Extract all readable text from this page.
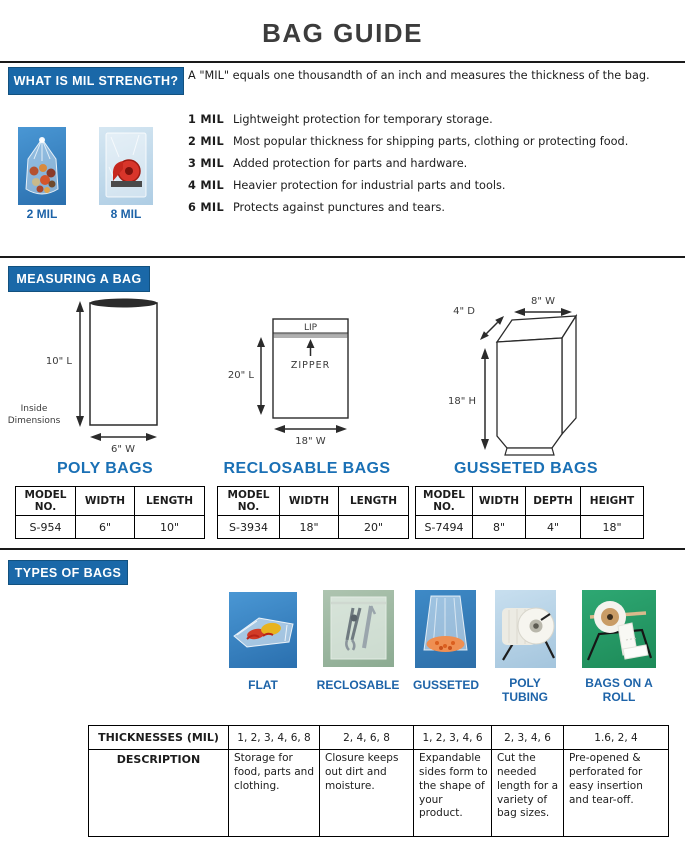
BAG GUIDE
WHAT IS MIL STRENGTH? A "MIL" equals one thousandth of an inch and measures the thickness of the bag.
1 MIL Lightweight protection for temporary storage.
2 MIL Most popular thickness for shipping parts, clothing or protecting food.
3 MIL Added protection for parts and hardware.
4 MIL Heavier protection for industrial parts and tools.
6 MIL Protects against punctures and tears.
2 MIL	8 MIL
MEASURING A BAG
10" L
6" W
Inside
Dimensions
LIP
ZIPPER
20" L
18" W
8" W
4" D
18" H
POLY BAGS	RECLOSABLE BAGS	GUSSETED BAGS
MODEL NO.	WIDTH	LENGTH
S-954	6"	10"
MODEL NO.	WIDTH	LENGTH
S-3934	18"	20"
MODEL NO.	WIDTH	DEPTH	HEIGHT
S-7494	8"	4"	18"
TYPES OF BAGS
FLAT	RECLOSABLE	GUSSETED	POLY TUBING
BAGS ON A ROLL
THICKNESSES (MIL)	1, 2, 3, 4, 6, 8	2, 4, 6, 8	1, 2, 3, 4, 6	2, 3, 4, 6	1.6, 2, 4
DESCRIPTION	Storage for food, parts and clothing.	Closure keeps out dirt and moisture.	Expandable sides form to the shape of your product.	Cut the needed length for a variety of bag sizes.	Pre-opened & perforated for easy insertion and tear-off.
